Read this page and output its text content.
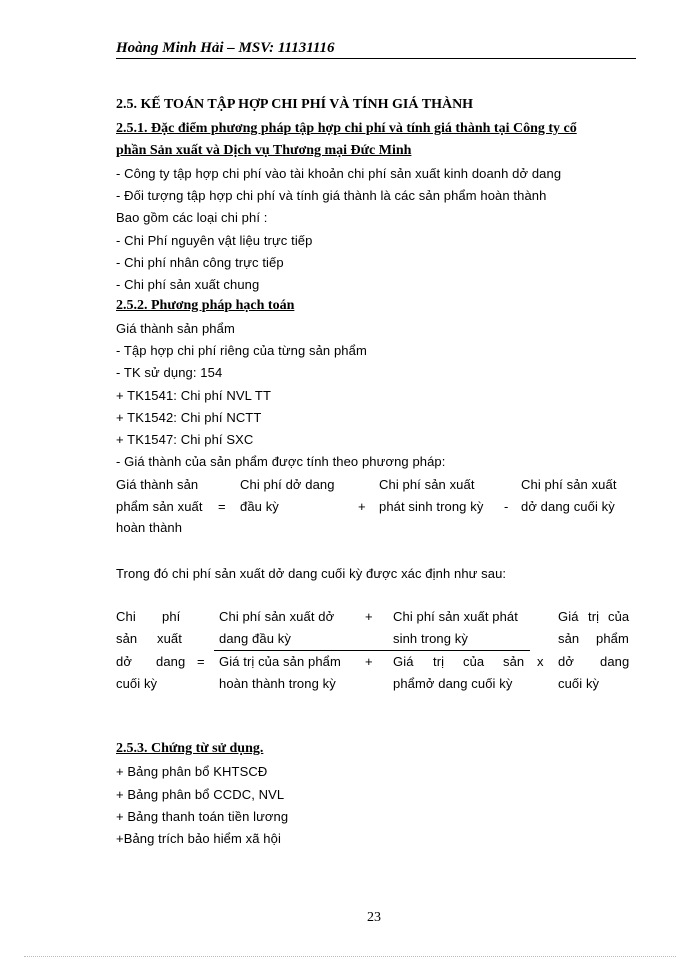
Hoàng Minh Hải – MSV: 11131116
2.5. KẾ TOÁN TẬP HỢP CHI PHÍ VÀ TÍNH GIÁ THÀNH
2.5.1. Đặc điểm phương pháp tập hợp chi phí và tính giá thành tại Công ty cổ
phần Sản xuất và Dịch vụ Thương mại Đức Minh
- Công ty tập hợp chi phí vào tài khoản chi phí sản xuất kinh doanh dở dang
- Đối tượng tập hợp chi phí và tính giá thành là các sản phẩm hoàn thành
Bao gồm các loại chi phí :
- Chi Phí nguyên vật liệu trực tiếp
- Chi phí nhân công trực tiếp
- Chi phí sản xuất chung
2.5.2. Phương pháp hạch toán
Giá thành sản phẩm
- Tập hợp chi phí riêng của từng sản phẩm
- TK sử dụng: 154
+ TK1541: Chi phí NVL TT
+ TK1542: Chi phí NCTT
+ TK1547: Chi phí SXC
- Giá thành của sản phẩm được tính theo phương pháp:
Giá thành sản
phẩm sản xuất
hoàn thành
=
Chi phí dở dang
đầu kỳ	+
Chi phí sản xuất
phát sinh trong kỳ -
Chi phí sản xuất
dở dang cuối kỳ
Trong đó chi phí sản xuất dở dang cuối kỳ được xác định như sau:
Chi phí
sản xuất
dở dang
cuối kỳ
=
Chi phí sản xuất dở
dang đầu kỳ
+ Chi phí sản xuất phát
sinh trong kỳ
Giá trị của sản phẩm
hoàn thành trong kỳ
+ Giá trị của sản
phẩmở dang cuối kỳ
x
Giá trị của
sản phẩm
dở dang
cuối kỳ
2.5.3. Chứng từ sử dụng.
+ Bảng phân bổ KHTSCĐ
+ Bảng phân bổ CCDC, NVL
+ Bảng thanh toán tiền lương
+Bảng trích bảo hiểm xã hội
23
